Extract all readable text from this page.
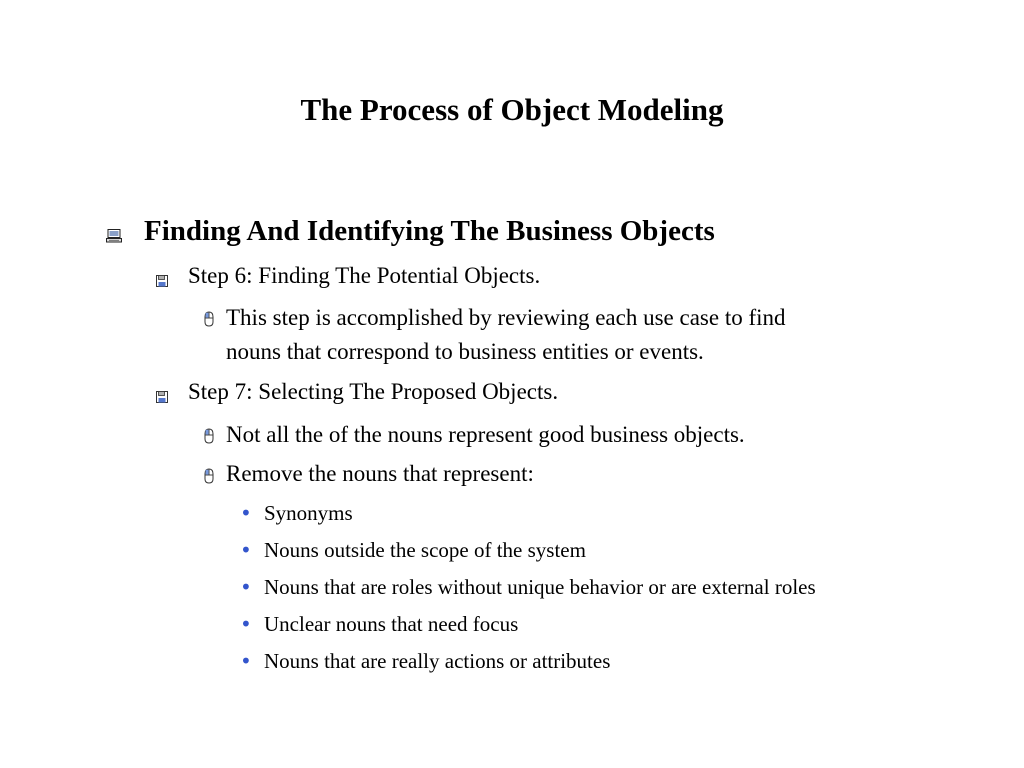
The Process of Object Modeling
Finding And Identifying The Business Objects
Step 6: Finding The Potential Objects.
This step is accomplished by reviewing each use case to find
nouns that correspond to business entities or events.
Step 7: Selecting The Proposed Objects.
Not all the of the nouns represent good business objects.
Remove the nouns that represent:
• Synonyms
• Nouns outside the scope of the system
• Nouns that are roles without unique behavior or are external roles
• Unclear nouns that need focus
• Nouns that are really actions or attributes
